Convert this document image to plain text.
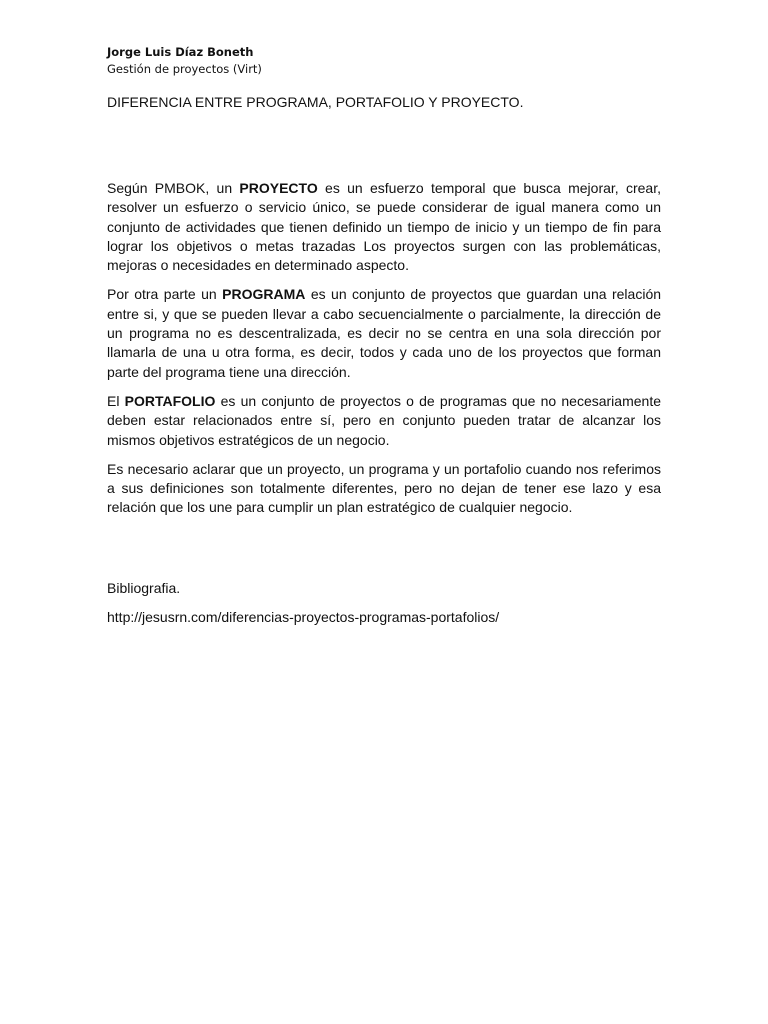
Jorge Luis Díaz Boneth
Gestión de proyectos (Virt)
DIFERENCIA ENTRE PROGRAMA, PORTAFOLIO Y PROYECTO.

Según PMBOK, un PROYECTO es un esfuerzo temporal que busca mejorar, crear, resolver un esfuerzo o servicio único, se puede considerar de igual manera como un conjunto de actividades que tienen definido un tiempo de inicio y un tiempo de fin para lograr los objetivos o metas trazadas Los proyectos surgen con las problemáticas, mejoras o necesidades en determinado aspecto.

Por otra parte un PROGRAMA es un conjunto de proyectos que guardan una relación entre si, y que se pueden llevar a cabo secuencialmente o parcialmente, la dirección de un programa no es descentralizada, es decir no se centra en una sola dirección por llamarla de una u otra forma, es decir, todos y cada uno de los proyectos que forman parte del programa tiene una dirección.

El PORTAFOLIO es un conjunto de proyectos o de programas que no necesariamente deben estar relacionados entre sí, pero en conjunto pueden tratar de alcanzar los mismos objetivos estratégicos de un negocio.

Es necesario aclarar que un proyecto, un programa y un portafolio cuando nos referimos a sus definiciones son totalmente diferentes, pero no dejan de tener ese lazo y esa relación que los une para cumplir un plan estratégico de cualquier negocio.

Bibliografia.
http://jesusrn.com/diferencias-proyectos-programas-portafolios/
